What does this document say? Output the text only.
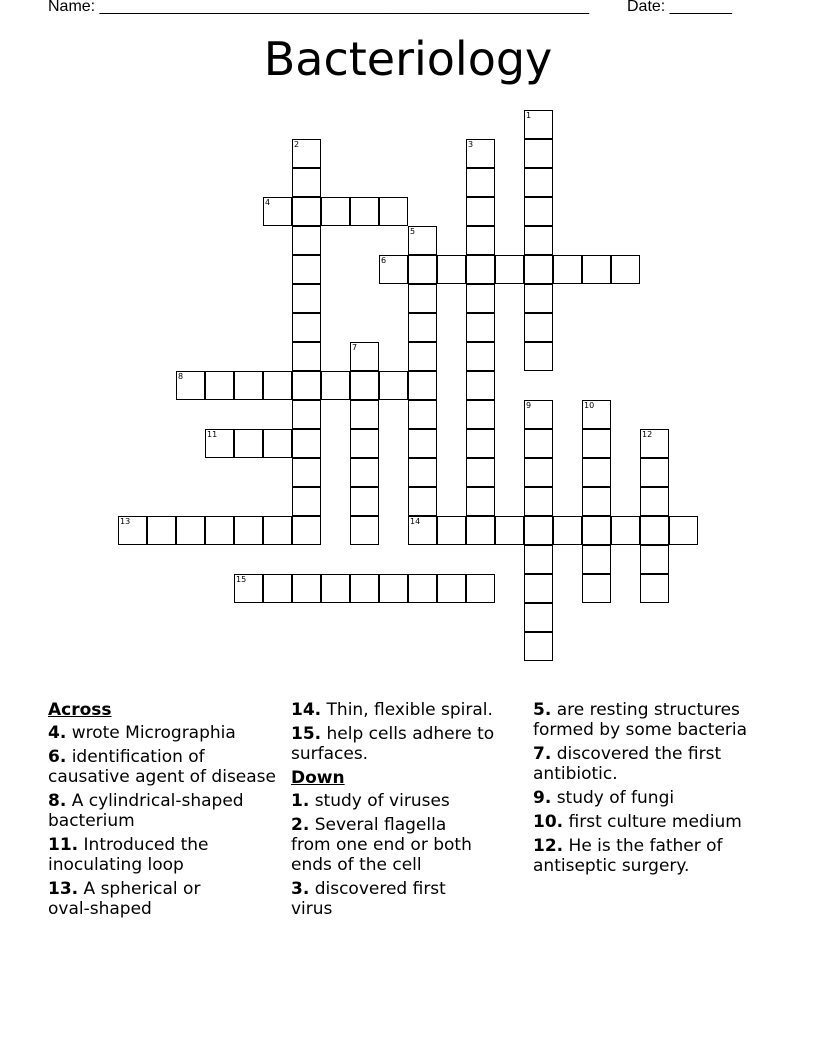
Name: _______________________________________________________ Date: _______
Bacteriology
1
2	3
4
5
14
6
7
8
9	10
11	12
13
15
Across
4. wrote Micrographia
6. identification of causative agent of disease
8. A cylindrical-shaped bacterium
11. Introduced the inoculating loop
13. A spherical or oval-shaped
14. Thin, flexible spiral.
15. help cells adhere to surfaces.
Down
1. study of viruses
2. Several flagella from one end or both ends of the cell
3. discovered first virus
5. are resting structures formed by some bacteria
7. discovered the first antibiotic.
9. study of fungi
10. first culture medium
12. He is the father of antiseptic surgery.
